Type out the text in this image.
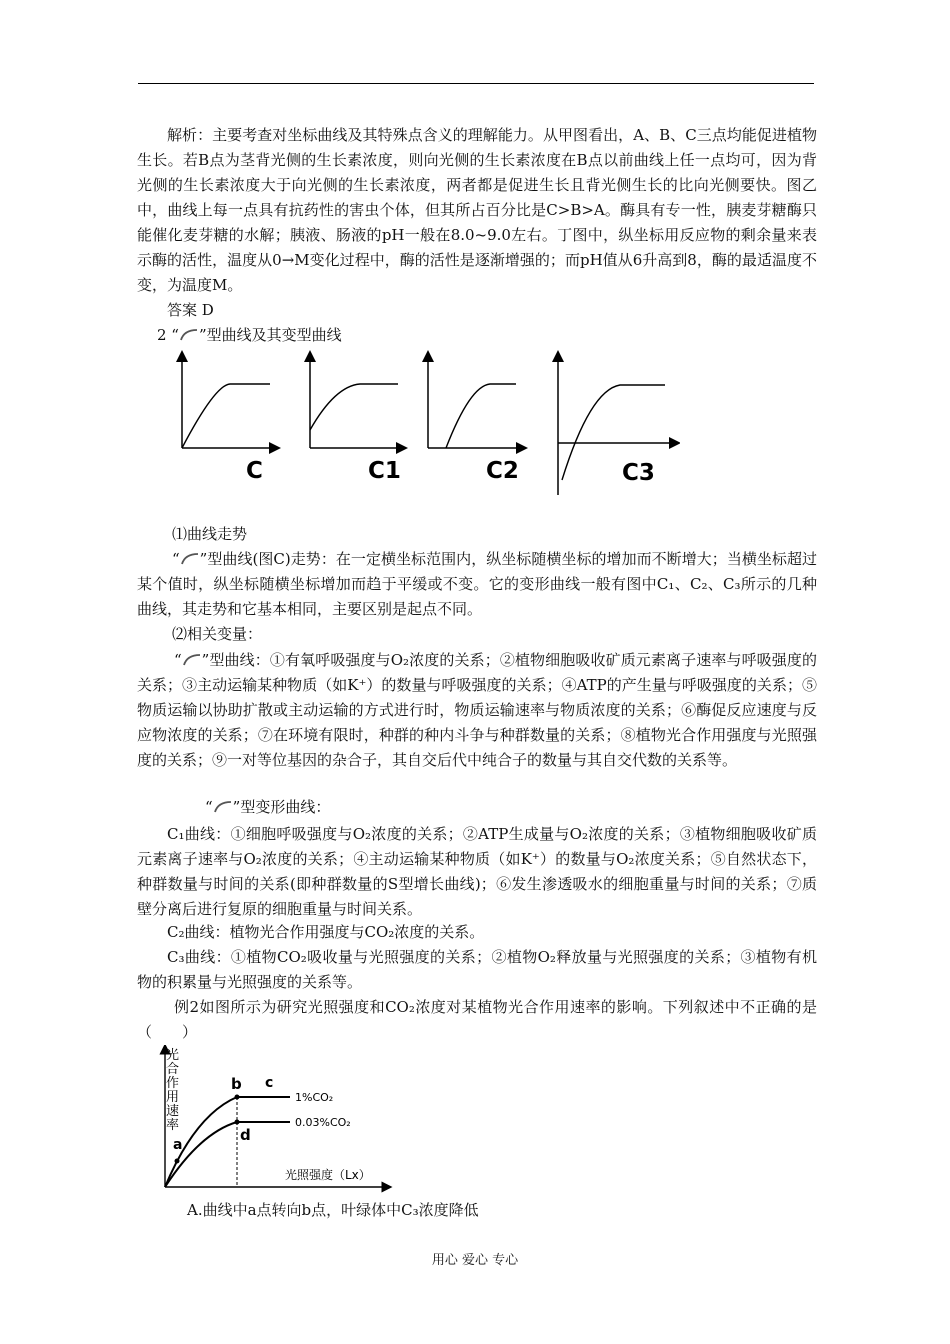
解析：主要考查对坐标曲线及其特殊点含义的理解能力。从甲图看出，A、B、C三点均能促进植物生长。若B点为茎背光侧的生长素浓度，则向光侧的生长素浓度在B点以前曲线上任一点均可，因为背光侧的生长素浓度大于向光侧的生长素浓度，两者都是促进生长且背光侧生长的比向光侧要快。图乙中，曲线上每一点具有抗药性的害虫个体，但其所占百分比是C>B>A。酶具有专一性，胰麦芽糖酶只能催化麦芽糖的水解；胰液、肠液的pH一般在8.0~9.0左右。丁图中，纵坐标用反应物的剩余量来表示酶的活性，温度从0→M变化过程中，酶的活性是逐渐增强的；而pH值从6升高到8，酶的最适温度不变，为温度M。

答案 D

2 “ ”型曲线及其变型曲线

C	C1	C2	C3

⑴曲线走势

“ ”型曲线(图C)走势：在一定横坐标范围内，纵坐标随横坐标的增加而不断增大；当横坐标超过某个值时，纵坐标随横坐标增加而趋于平缓或不变。它的变形曲线一般有图中C₁、C₂、C₃所示的几种曲线，其走势和它基本相同，主要区别是起点不同。

⑵相关变量：

“ ”型曲线：①有氧呼吸强度与O₂浓度的关系；②植物细胞吸收矿质元素离子速率与呼吸强度的关系；③主动运输某种物质（如K⁺）的数量与呼吸强度的关系；④ATP的产生量与呼吸强度的关系；⑤物质运输以协助扩散或主动运输的方式进行时，物质运输速率与物质浓度的关系；⑥酶促反应速度与反应物浓度的关系；⑦在环境有限时，种群的种内斗争与种群数量的关系；⑧植物光合作用强度与光照强度的关系；⑨一对等位基因的杂合子，其自交后代中纯合子的数量与其自交代数的关系等。

“ ”型变形曲线：

C₁曲线：①细胞呼吸强度与O₂浓度的关系；②ATP生成量与O₂浓度的关系；③植物细胞吸收矿质元素离子速率与O₂浓度的关系；④主动运输某种物质（如K⁺）的数量与O₂浓度关系；⑤自然状态下，种群数量与时间的关系(即种群数量的S型增长曲线)；⑥发生渗透吸水的细胞重量与时间的关系；⑦质壁分离后进行复原的细胞重量与时间关系。

C₂曲线：植物光合作用强度与CO₂浓度的关系。

C₃曲线：①植物CO₂吸收量与光照强度的关系；②植物O₂释放量与光照强度的关系；③植物有机物的积累量与光照强度的关系等。

例2如图所示为研究光照强度和CO₂浓度对某植物光合作用速率的影响。下列叙述中不正确的是（　　）

光
合
作
用
速
率
a
b c
d
1%CO₂
0.03%CO₂
光照强度（Lx）

A.曲线中a点转向b点，叶绿体中C₃浓度降低

用心 爱心 专心
